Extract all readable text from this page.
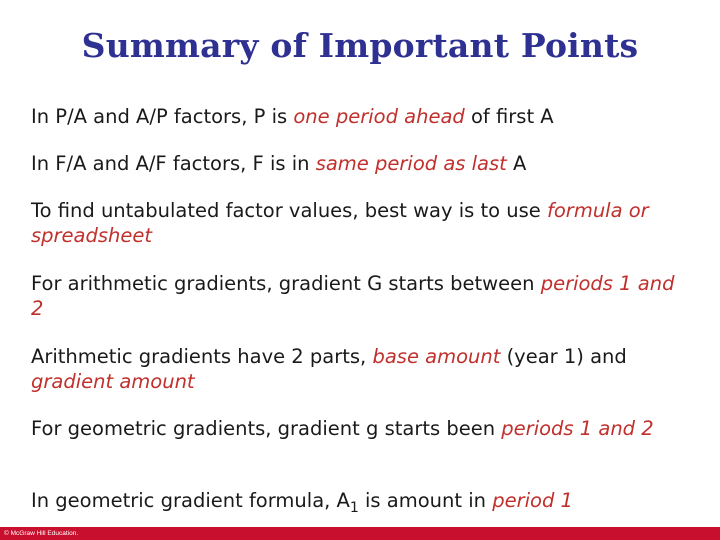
Summary of Important Points
In P/A and A/P factors, P is one period ahead of first A
In F/A and A/F factors, F is in same period as last A
To find untabulated factor values, best way is to use formula or spreadsheet
For arithmetic gradients, gradient G starts between periods 1 and 2
Arithmetic gradients have 2 parts, base amount (year 1) and gradient amount
For geometric gradients, gradient g starts been periods 1 and 2
In geometric gradient formula, $A_1$ is amount in period 1
© McGraw Hill Education.
